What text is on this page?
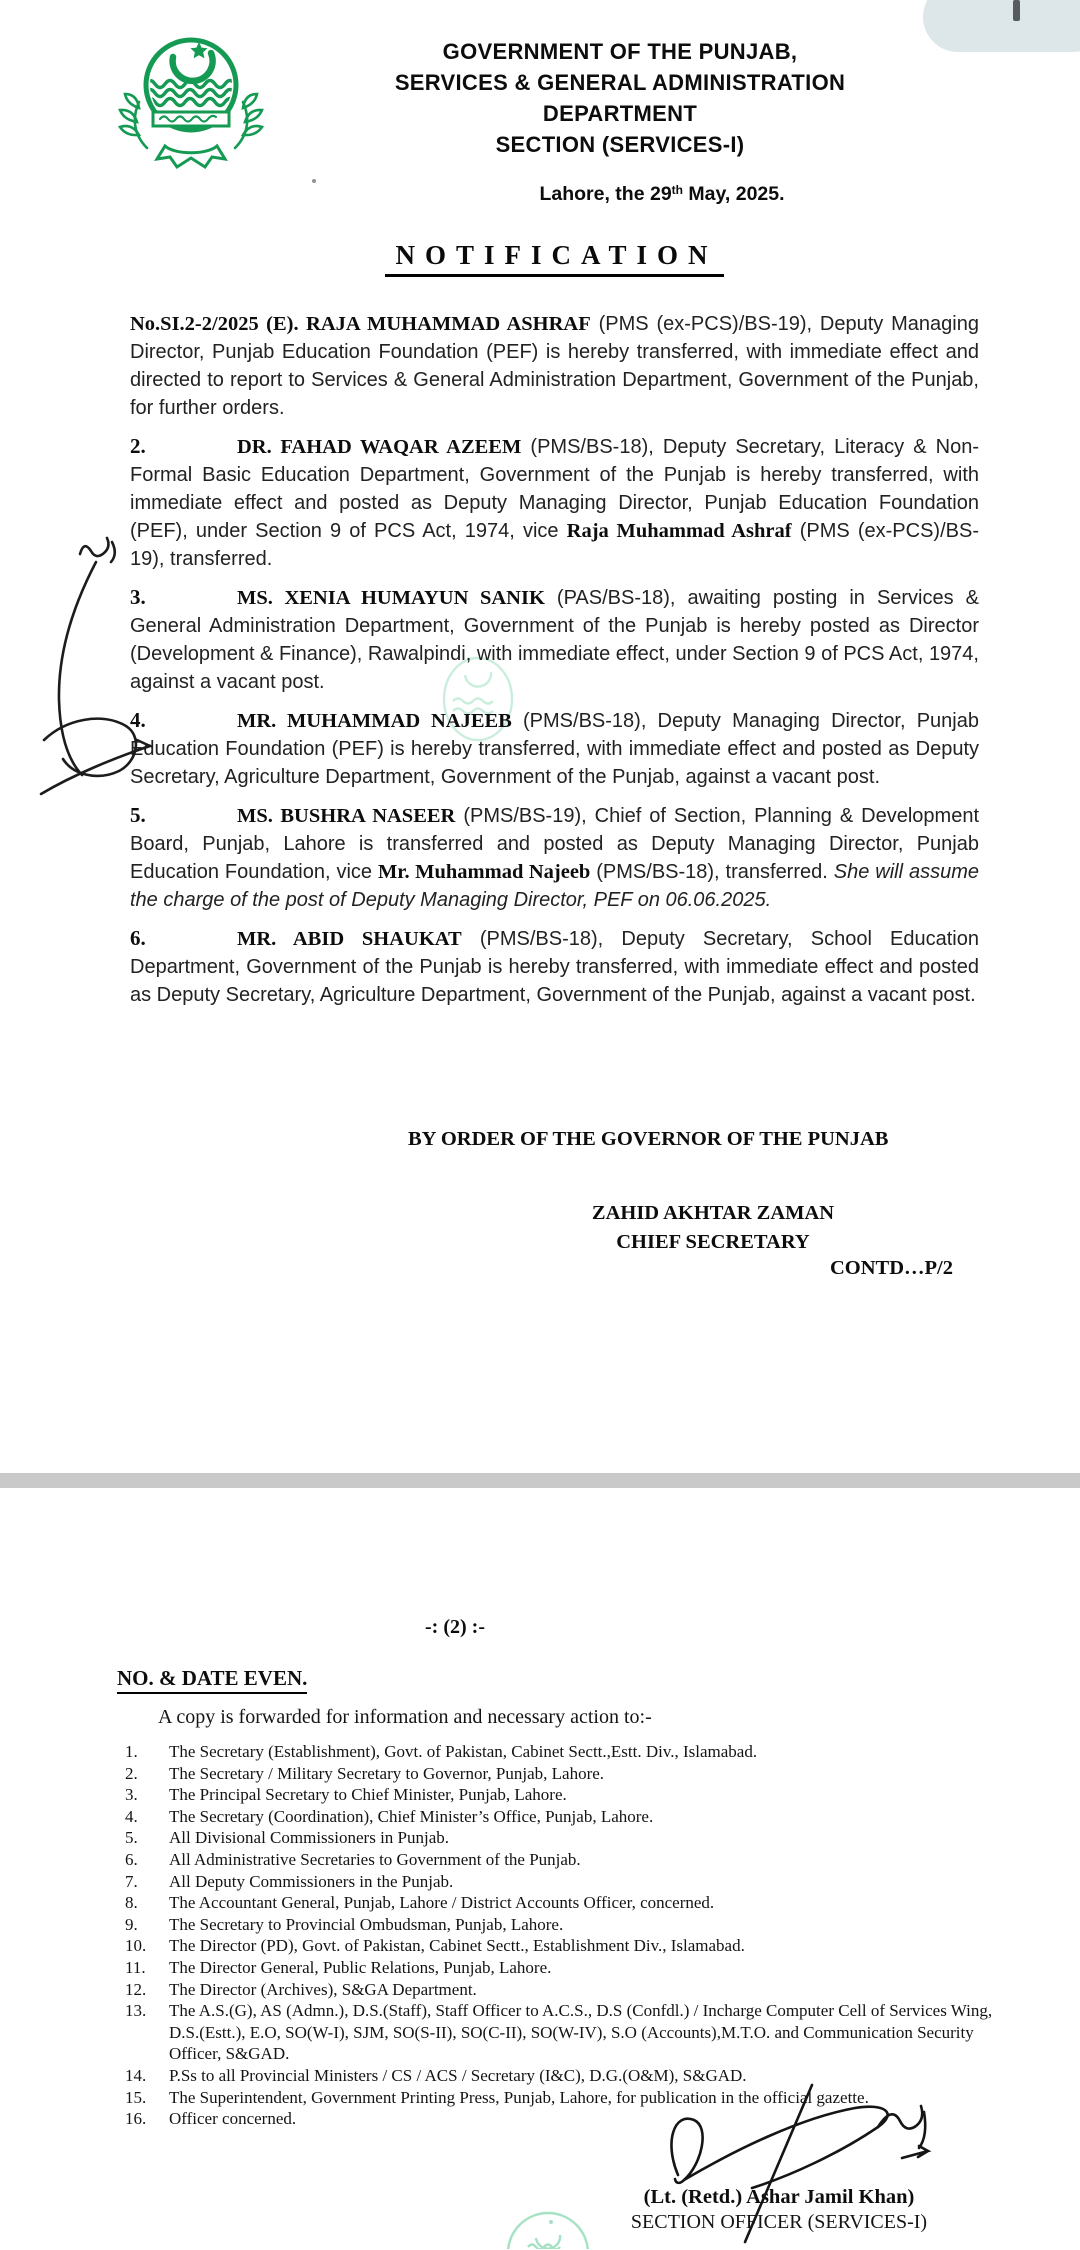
GOVERNMENT OF THE PUNJAB,
SERVICES & GENERAL ADMINISTRATION
DEPARTMENT
SECTION (SERVICES-I)
Lahore, the 29th May, 2025.
NOTIFICATION

No.SI.2-2/2025 (E). RAJA MUHAMMAD ASHRAF (PMS (ex-PCS)/BS-19), Deputy Managing Director, Punjab Education Foundation (PEF) is hereby transferred, with immediate effect and directed to report to Services & General Administration Department, Government of the Punjab, for further orders.

2.	DR. FAHAD WAQAR AZEEM (PMS/BS-18), Deputy Secretary, Literacy & Non-Formal Basic Education Department, Government of the Punjab is hereby transferred, with immediate effect and posted as Deputy Managing Director, Punjab Education Foundation (PEF), under Section 9 of PCS Act, 1974, vice Raja Muhammad Ashraf (PMS (ex-PCS)/BS-19), transferred.

3.	MS. XENIA HUMAYUN SANIK (PAS/BS-18), awaiting posting in Services & General Administration Department, Government of the Punjab is hereby posted as Director (Development & Finance), Rawalpindi, with immediate effect, under Section 9 of PCS Act, 1974, against a vacant post.

4.	MR. MUHAMMAD NAJEEB (PMS/BS-18), Deputy Managing Director, Punjab Education Foundation (PEF) is hereby transferred, with immediate effect and posted as Deputy Secretary, Agriculture Department, Government of the Punjab, against a vacant post.

5.	MS. BUSHRA NASEER (PMS/BS-19), Chief of Section, Planning & Development Board, Punjab, Lahore is transferred and posted as Deputy Managing Director, Punjab Education Foundation, vice Mr. Muhammad Najeeb (PMS/BS-18), transferred. She will assume the charge of the post of Deputy Managing Director, PEF on 06.06.2025.

6.	MR. ABID SHAUKAT (PMS/BS-18), Deputy Secretary, School Education Department, Government of the Punjab is hereby transferred, with immediate effect and posted as Deputy Secretary, Agriculture Department, Government of the Punjab, against a vacant post.

BY ORDER OF THE GOVERNOR OF THE PUNJAB
ZAHID AKHTAR ZAMAN
CHIEF SECRETARY
CONTD…P/2
-: (2) :-
NO. & DATE EVEN.
A copy is forwarded for information and necessary action to:-
1.	The Secretary (Establishment), Govt. of Pakistan, Cabinet Sectt.,Estt. Div., Islamabad.
2.	The Secretary / Military Secretary to Governor, Punjab, Lahore.
3.	The Principal Secretary to Chief Minister, Punjab, Lahore.
4.	The Secretary (Coordination), Chief Minister’s Office, Punjab, Lahore.
5.	All Divisional Commissioners in Punjab.
6.	All Administrative Secretaries to Government of the Punjab.
7.	All Deputy Commissioners in the Punjab.
8.	The Accountant General, Punjab, Lahore / District Accounts Officer, concerned.
9.	The Secretary to Provincial Ombudsman, Punjab, Lahore.
10.	The Director (PD), Govt. of Pakistan, Cabinet Sectt., Establishment Div., Islamabad.
11.	The Director General, Public Relations, Punjab, Lahore.
12.	The Director (Archives), S&GA Department.
13.	The A.S.(G), AS (Admn.), D.S.(Staff), Staff Officer to A.C.S., D.S (Confdl.) / Incharge Computer Cell of Services Wing, D.S.(Estt.), E.O, SO(W-I), SJM, SO(S-II), SO(C-II), SO(W-IV), S.O (Accounts),M.T.O. and Communication Security Officer, S&GAD.
14.	P.Ss to all Provincial Ministers / CS / ACS / Secretary (I&C), D.G.(O&M), S&GAD.
15.	The Superintendent, Government Printing Press, Punjab, Lahore, for publication in the official gazette.
16.	Officer concerned.
(Lt. (Retd.) Ashar Jamil Khan)
SECTION OFFICER (SERVICES-I)
